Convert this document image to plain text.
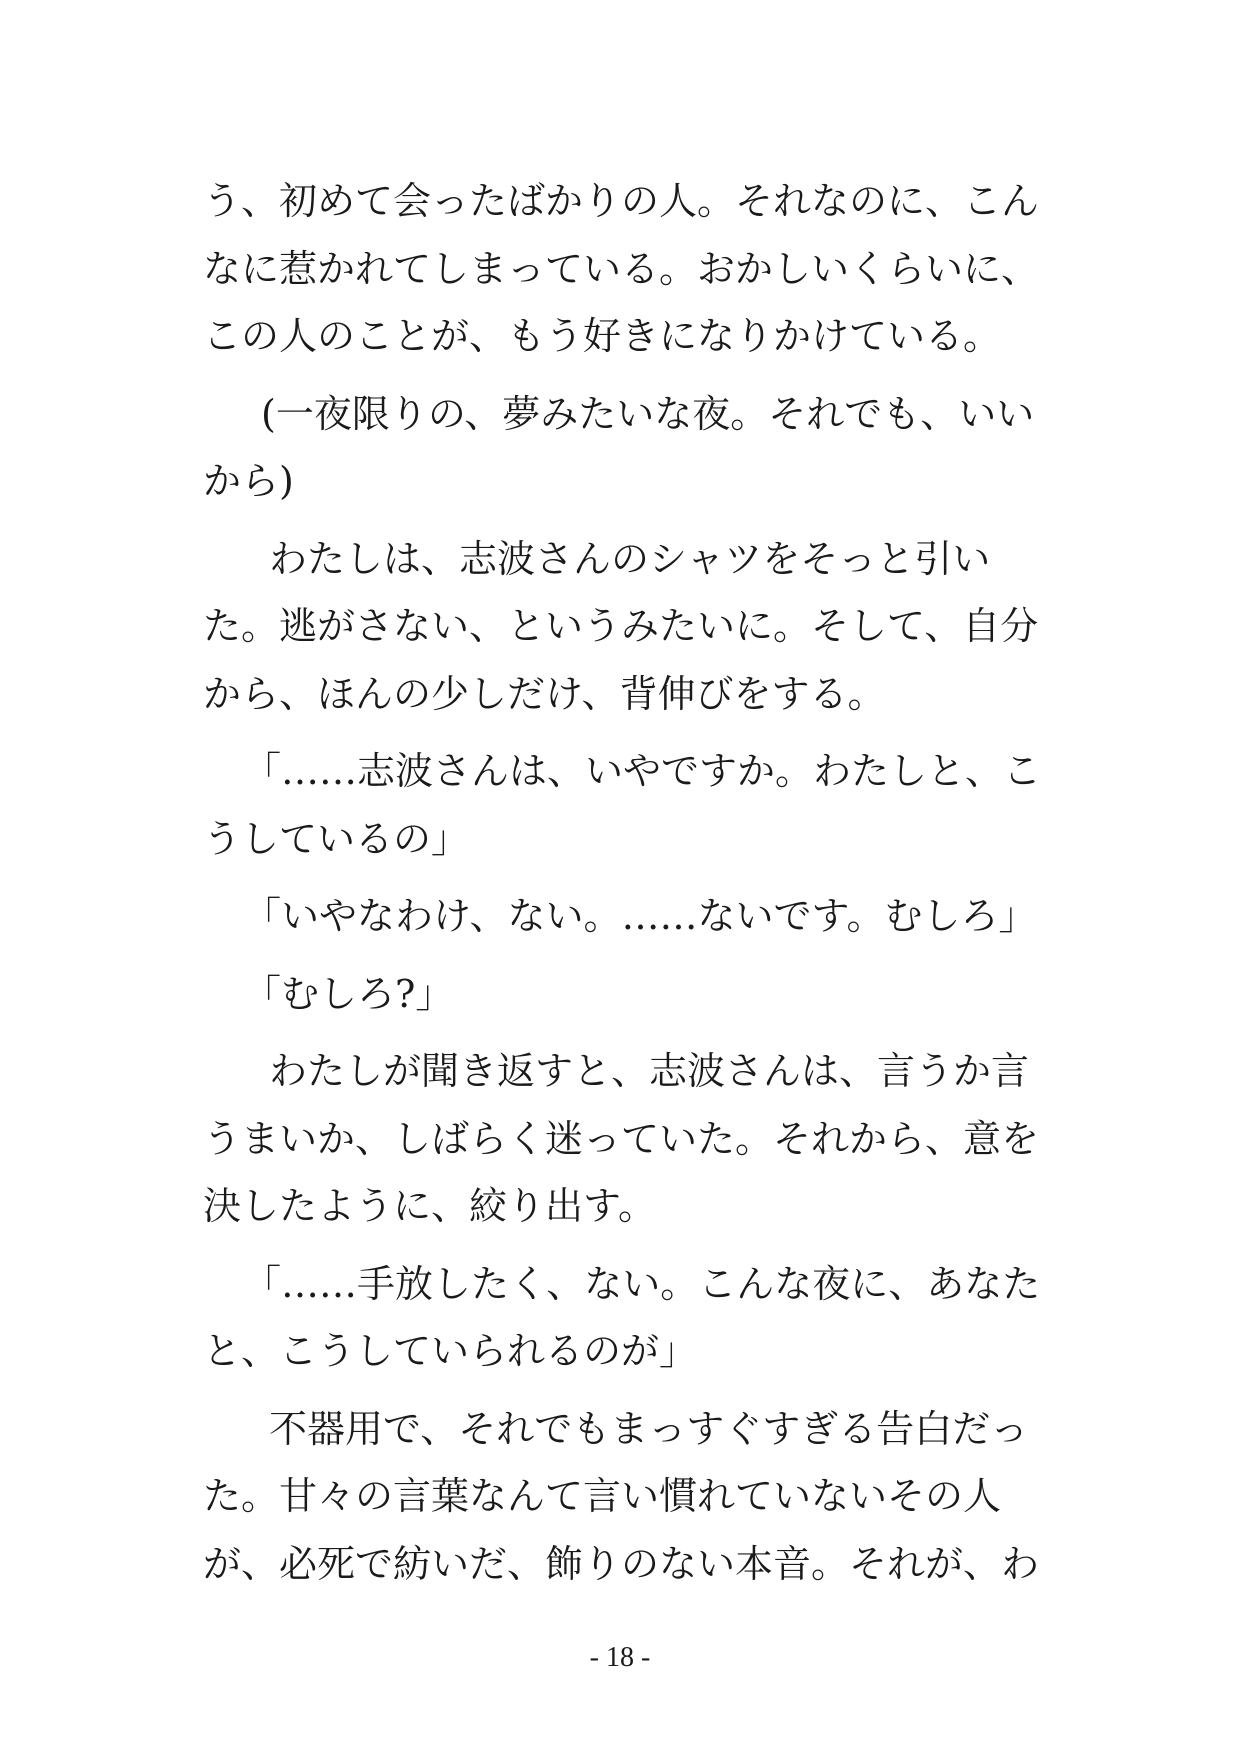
う、初めて会ったばかりの人。それなのに、こん
なに惹かれてしまっている。おかしいくらいに、
この人のことが、もう好きになりかけている。
(一夜限りの、夢みたいな夜。それでも、いい
から)
わたしは、志波さんのシャツをそっと引い
た。逃がさない、というみたいに。そして、自分
から、ほんの少しだけ、背伸びをする。
「……志波さんは、いやですか。わたしと、こ
うしているの」
「いやなわけ、ない。……ないです。むしろ」
「むしろ?」
わたしが聞き返すと、志波さんは、言うか言
うまいか、しばらく迷っていた。それから、意を
決したように、絞り出す。
「……手放したく、ない。こんな夜に、あなた
と、こうしていられるのが」
不器用で、それでもまっすぐすぎる告白だっ
た。甘々の言葉なんて言い慣れていないその人
が、必死で紡いだ、飾りのない本音。それが、わ
- 18 -
